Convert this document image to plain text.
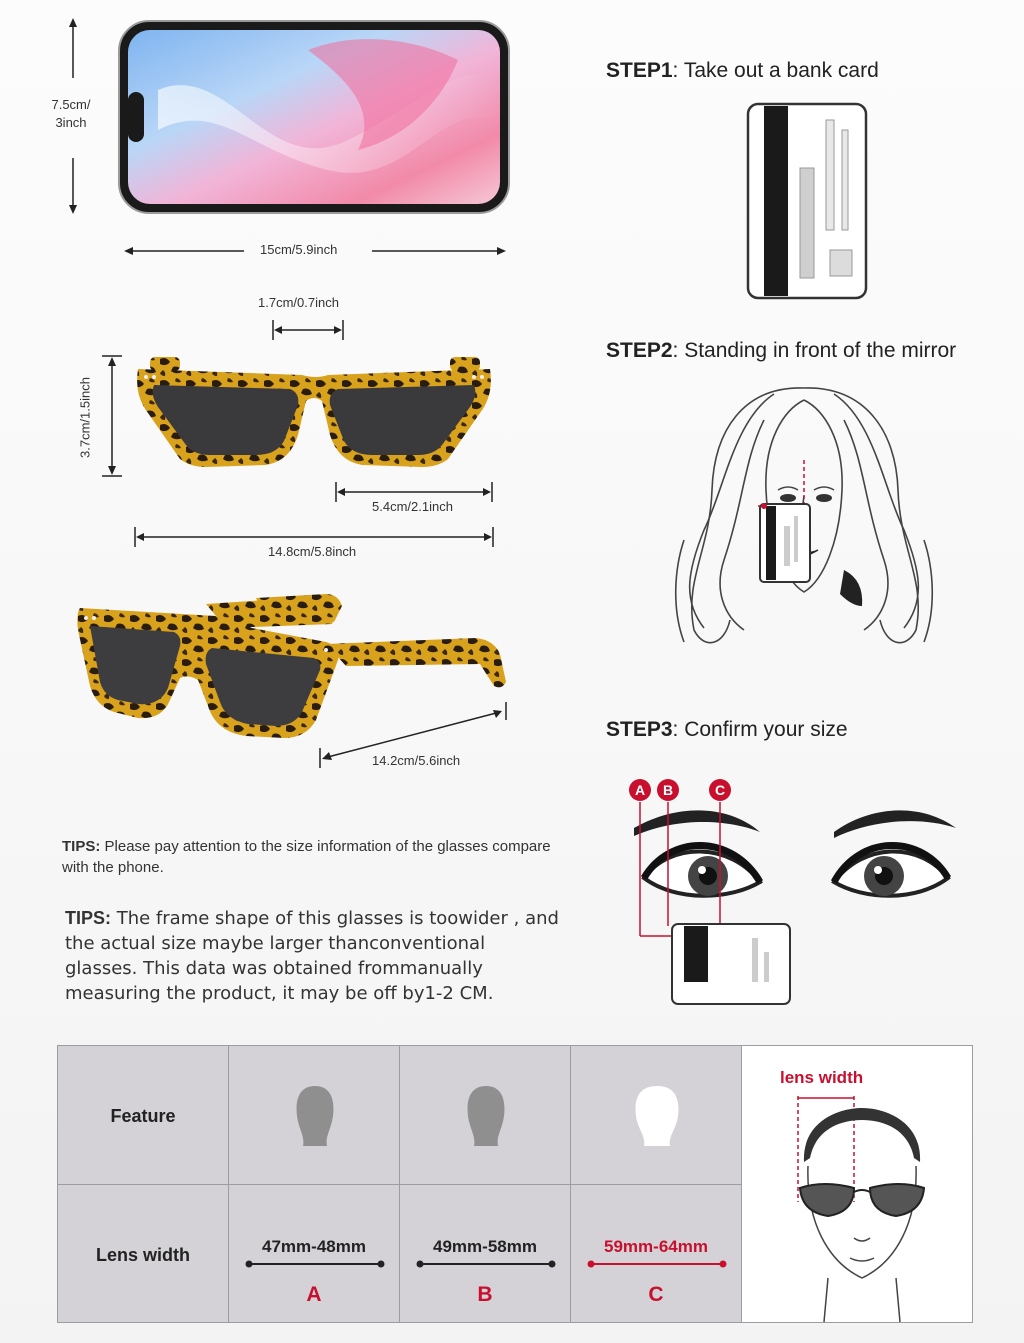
7.5cm/
3inch
15cm/5.9inch
1.7cm/0.7inch
3.7cm/1.5inch
5.4cm/2.1inch
14.8cm/5.8inch
14.2cm/5.6inch
TIPS: Please pay attention to the size information of the glasses compare with the phone.
TIPS: The frame shape of this glasses is toowider , and the actual size maybe larger thanconventional glasses. This data was obtained frommanually measuring the product, it may be off by1-2 CM.
STEP1: Take out a bank card
STEP2: Standing in front of the mirror
STEP3: Confirm your size
A B	C
Feature
Lens width	47mm-48mm
A
49mm-58mm
B
59mm-64mm
C
lens width
